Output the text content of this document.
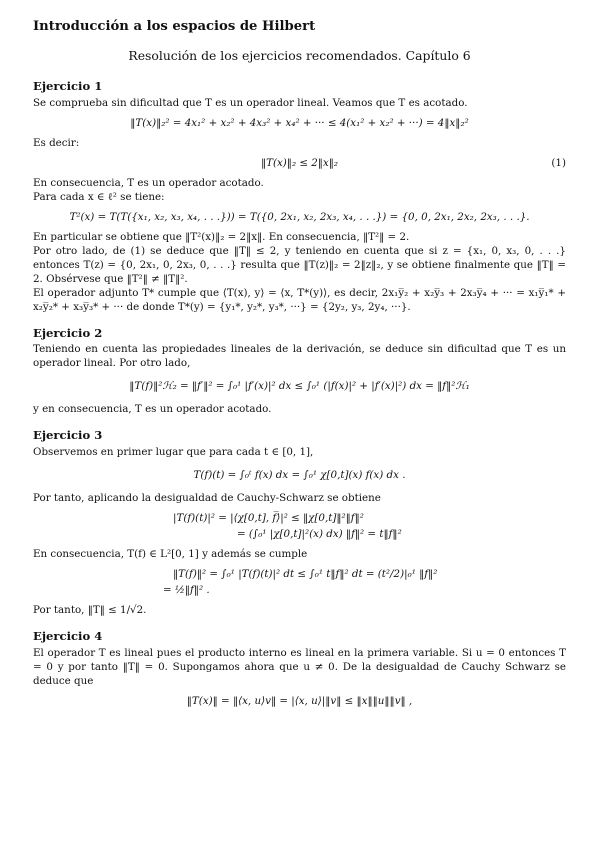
Introducción a los espacios de Hilbert
Resolución de los ejercicios recomendados. Capítulo 6
Ejercicio 1

Se comprueba sin dificultad que T es un operador lineal. Veamos que T es acotado.

‖T(x)‖₂² = 4x₁² + x₂² + 4x₃² + x₄² + ··· ≤ 4(x₁² + x₂² + ···) = 4‖x‖₂²

Es decir:

‖T(x)‖₂ ≤ 2‖x‖₂	(1)

En consecuencia, T es un operador acotado.

Para cada x ∈ ℓ² se tiene:

T²(x) = T(T({x₁, x₂, x₃, x₄, . . .})) = T({0, 2x₁, x₂, 2x₃, x₄, . . .}) = {0, 0, 2x₁, 2x₂, 2x₃, . . .}.

En particular se obtiene que ‖T²(x)‖₂ = 2‖x‖. En consecuencia, ‖T²‖ = 2.

Por otro lado, de (1) se deduce que ‖T‖ ≤ 2, y teniendo en cuenta que si z = {x₁, 0, x₃, 0, . . .} entonces T(z) = {0, 2x₁, 0, 2x₃, 0, . . .} resulta que ‖T(z)‖₂ = 2‖z‖₂, y se obtiene finalmente que ‖T‖ = 2. Obsérvese que ‖T²‖ ≠ ‖T‖².

El operador adjunto T* cumple que ⟨T(x), y⟩ = ⟨x, T*(y)⟩, es decir, 2x₁y̅₂ + x₂y̅₃ + 2x₃y̅₄ + ··· = x₁y̅₁* + x₂y̅₂* + x₃y̅₃* + ··· de donde T*(y) = {y₁*, y₂*, y₃*, ···} = {2y₂, y₃, 2y₄, ···}.

Ejercicio 2

Teniendo en cuenta las propiedades lineales de la derivación, se deduce sin dificultad que T es un operador lineal. Por otro lado,

‖T(f)‖²ℋ₂ = ‖f′‖² = ∫₀¹ |f′(x)|² dx ≤ ∫₀¹ (|f(x)|² + |f′(x)|²) dx = ‖f‖²ℋ₁

y en consecuencia, T es un operador acotado.

Ejercicio 3

Observemos en primer lugar que para cada t ∈ [0, 1],

T(f)(t) = ∫₀ᵗ f(x) dx = ∫₀¹ χ[0,t](x) f(x) dx .

Por tanto, aplicando la desigualdad de Cauchy-Schwarz se obtiene

|T(f)(t)|² = |⟨χ[0,t], f̅⟩|² ≤ ‖χ[0,t]‖²‖f‖²
= (∫₀¹ |χ[0,t]|²(x) dx) ‖f‖² = t‖f‖²

En consecuencia, T(f) ∈ L²[0, 1] y además se cumple

‖T(f)‖² = ∫₀¹ |T(f)(t)|² dt ≤ ∫₀¹ t‖f‖² dt = (t²/2)|₀¹ ‖f‖²
= ½‖f‖² .

Por tanto, ‖T‖ ≤ 1/√2.

Ejercicio 4

El operador T es lineal pues el producto interno es lineal en la primera variable. Si u = 0 entonces T = 0 y por tanto ‖T‖ = 0. Supongamos ahora que u ≠ 0. De la desigualdad de Cauchy Schwarz se deduce que

‖T(x)‖ = ‖⟨x, u⟩v‖ = |⟨x, u⟩|‖v‖ ≤ ‖x‖‖u‖‖v‖ ,
